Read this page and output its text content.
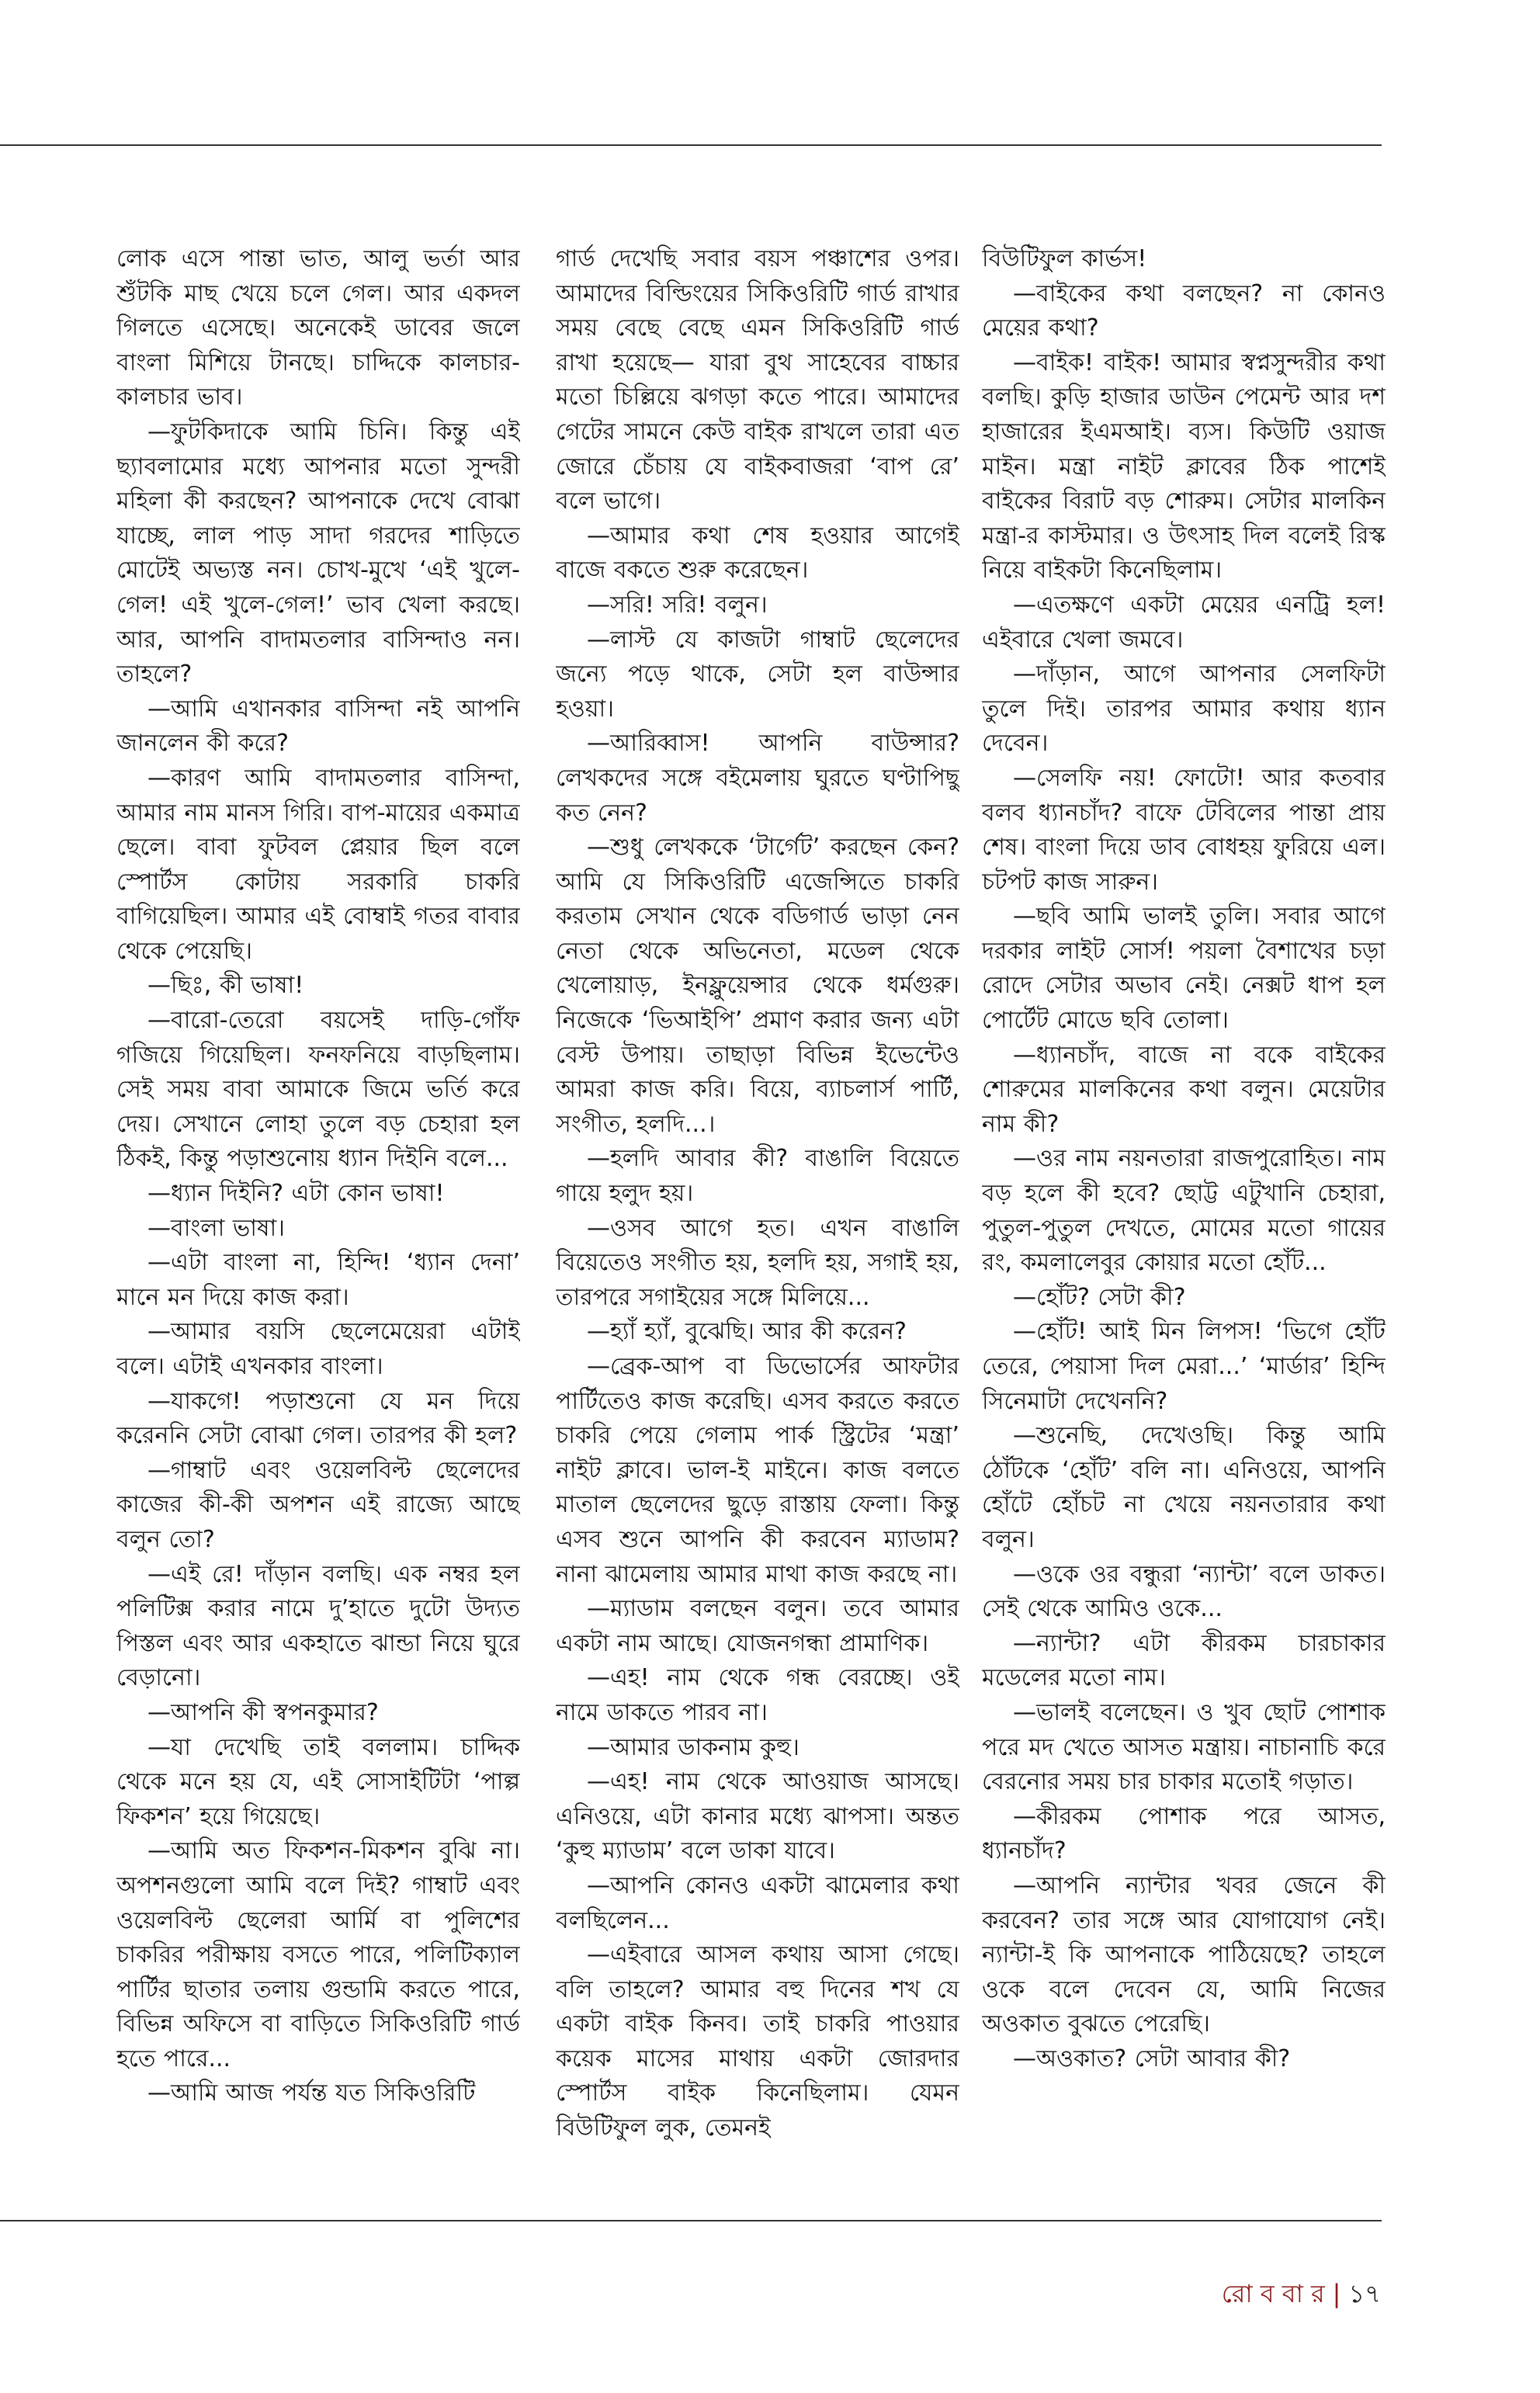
লোক এসে পান্তা ভাত, আলু ভর্তা আর শুঁটকি মাছ খেয়ে চলে গেল। আর একদল গিলতে এসেছে। অনেকেই ডাবের জলে বাংলা মিশিয়ে টানছে। চাদ্দিকে কালচার-কালচার ভাব।

—ফুটকিদাকে আমি চিনি। কিন্তু এই ছ্যাবলামোর মধ্যে আপনার মতো সুন্দরী মহিলা কী করছেন? আপনাকে দেখে বোঝা যাচ্ছে, লাল পাড় সাদা গরদের শাড়িতে মোটেই অভ্যস্ত নন। চোখ-মুখে ‘এই খুলে-গেল! এই খুলে-গেল!’ ভাব খেলা করছে। আর, আপনি বাদামতলার বাসিন্দাও নন। তাহলে?

—আমি এখানকার বাসিন্দা নই আপনি জানলেন কী করে?

—কারণ আমি বাদামতলার বাসিন্দা, আমার নাম মানস গিরি। বাপ-মায়ের একমাত্র ছেলে। বাবা ফুটবল প্লেয়ার ছিল বলে স্পোর্টস কোটায় সরকারি চাকরি বাগিয়েছিল। আমার এই বোম্বাই গতর বাবার থেকে পেয়েছি।

—ছিঃ, কী ভাষা!

—বারো-তেরো বয়সেই দাড়ি-গোঁফ গজিয়ে গিয়েছিল। ফনফনিয়ে বাড়ছিলাম। সেই সময় বাবা আমাকে জিমে ভর্তি করে দেয়। সেখানে লোহা তুলে বড় চেহারা হল ঠিকই, কিন্তু পড়াশুনোয় ধ্যান দিইনি বলে...

—ধ্যান দিইনি? এটা কোন ভাষা!

—বাংলা ভাষা।

—এটা বাংলা না, হিন্দি! ‘ধ্যান দেনা’ মানে মন দিয়ে কাজ করা।

—আমার বয়সি ছেলেমেয়েরা এটাই বলে। এটাই এখনকার বাংলা।

—যাকগে! পড়াশুনো যে মন দিয়ে করেননি সেটা বোঝা গেল। তারপর কী হল?

—গাম্বাট এবং ওয়েলবিল্ট ছেলেদের কাজের কী-কী অপশন এই রাজ্যে আছে বলুন তো?

—এই রে! দাঁড়ান বলছি। এক নম্বর হল পলিটিক্স করার নামে দু’হাতে দুটো উদ্যত পিস্তল এবং আর একহাতে ঝান্ডা নিয়ে ঘুরে বেড়ানো।

—আপনি কী স্বপনকুমার?

—যা দেখেছি তাই বললাম। চাদ্দিক থেকে মনে হয় যে, এই সোসাইটিটা ‘পাল্প ফিকশন’ হয়ে গিয়েছে।

—আমি অত ফিকশন-মিকশন বুঝি না। অপশনগুলো আমি বলে দিই? গাম্বাট এবং ওয়েলবিল্ট ছেলেরা আর্মি বা পুলিশের চাকরির পরীক্ষায় বসতে পারে, পলিটিক্যাল পার্টির ছাতার তলায় গুন্ডামি করতে পারে, বিভিন্ন অফিসে বা বাড়িতে সিকিওরিটি গার্ড হতে পারে...

—আমি আজ পর্যন্ত যত সিকিওরিটি

গার্ড দেখেছি সবার বয়স পঞ্চাশের ওপর। আমাদের বিল্ডিংয়ের সিকিওরিটি গার্ড রাখার সময় বেছে বেছে এমন সিকিওরিটি গার্ড রাখা হয়েছে— যারা বুথ সাহেবের বাচ্চার মতো চিল্লিয়ে ঝগড়া কতে পারে। আমাদের গেটের সামনে কেউ বাইক রাখলে তারা এত জোরে চেঁচায় যে বাইকবাজরা ‘বাপ রে’ বলে ভাগে।

—আমার কথা শেষ হওয়ার আগেই বাজে বকতে শুরু করেছেন।

—সরি! সরি! বলুন।

—লাস্ট যে কাজটা গাম্বাট ছেলেদের জন্যে পড়ে থাকে, সেটা হল বাউন্সার হওয়া।

—আরিব্বাস! আপনি বাউন্সার? লেখকদের সঙ্গে বইমেলায় ঘুরতে ঘণ্টাপিছু কত নেন?

—শুধু লেখককে ‘টার্গেট’ করছেন কেন? আমি যে সিকিওরিটি এজেন্সিতে চাকরি করতাম সেখান থেকে বডিগার্ড ভাড়া নেন নেতা থেকে অভিনেতা, মডেল থেকে খেলোয়াড়, ইনফ্লুয়েন্সার থেকে ধর্মগুরু। নিজেকে ‘ভিআইপি’ প্রমাণ করার জন্য এটা বেস্ট উপায়। তাছাড়া বিভিন্ন ইভেন্টেও আমরা কাজ করি। বিয়ে, ব্যাচলার্স পার্টি, সংগীত, হলদি...।

—হলদি আবার কী? বাঙালি বিয়েতে গায়ে হলুদ হয়।

—ওসব আগে হত। এখন বাঙালি বিয়েতেও সংগীত হয়, হলদি হয়, সগাই হয়, তারপরে সগাইয়ের সঙ্গে মিলিয়ে...

—হ্যাঁ হ্যাঁ, বুঝেছি। আর কী করেন?

—ব্রেক-আপ বা ডিভোর্সের আফটার পার্টিতেও কাজ করেছি। এসব করতে করতে চাকরি পেয়ে গেলাম পার্ক স্ট্রিটের ‘মন্ত্রা’ নাইট ক্লাবে। ভাল-ই মাইনে। কাজ বলতে মাতাল ছেলেদের ছুড়ে রাস্তায় ফেলা। কিন্তু এসব শুনে আপনি কী করবেন ম্যাডাম? নানা ঝামেলায় আমার মাথা কাজ করছে না।

—ম্যাডাম বলছেন বলুন। তবে আমার একটা নাম আছে। যোজনগন্ধা প্রামাণিক।

—এহ! নাম থেকে গন্ধ বেরচ্ছে। ওই নামে ডাকতে পারব না।

—আমার ডাকনাম কুহু।

—এহ! নাম থেকে আওয়াজ আসছে। এনিওয়ে, এটা কানার মধ্যে ঝাপসা। অন্তত ‘কুহু ম্যাডাম’ বলে ডাকা যাবে।

—আপনি কোনও একটা ঝামেলার কথা বলছিলেন...

—এইবারে আসল কথায় আসা গেছে। বলি তাহলে? আমার বহু দিনের শখ যে একটা বাইক কিনব। তাই চাকরি পাওয়ার কয়েক মাসের মাথায় একটা জোরদার স্পোর্টস বাইক কিনেছিলাম। যেমন বিউটিফুল লুক, তেমনই

বিউটিফুল কার্ভস!

—বাইকের কথা বলছেন? না কোনও মেয়ের কথা?

—বাইক! বাইক! আমার স্বপ্নসুন্দরীর কথা বলছি। কুড়ি হাজার ডাউন পেমেন্ট আর দশ হাজারের ইএমআই। ব্যস। কিউটি ওয়াজ মাইন। মন্ত্রা নাইট ক্লাবের ঠিক পাশেই বাইকের বিরাট বড় শোরুম। সেটার মালকিন মন্ত্রা-র কাস্টমার। ও উৎসাহ দিল বলেই রিস্ক নিয়ে বাইকটা কিনেছিলাম।

—এতক্ষণে একটা মেয়ের এনট্রি হল! এইবারে খেলা জমবে।

—দাঁড়ান, আগে আপনার সেলফিটা তুলে দিই। তারপর আমার কথায় ধ্যান দেবেন।

—সেলফি নয়! ফোটো! আর কতবার বলব ধ্যানচাঁদ? বাফে টেবিলের পান্তা প্রায় শেষ। বাংলা দিয়ে ডাব বোধহয় ফুরিয়ে এল। চটপট কাজ সারুন।

—ছবি আমি ভালই তুলি। সবার আগে দরকার লাইট সোর্স! পয়লা বৈশাখের চড়া রোদে সেটার অভাব নেই। নেক্সট ধাপ হল পোর্টেট মোডে ছবি তোলা।

—ধ্যানচাঁদ, বাজে না বকে বাইকের শোরুমের মালকিনের কথা বলুন। মেয়েটার নাম কী?

—ওর নাম নয়নতারা রাজপুরোহিত। নাম বড় হলে কী হবে? ছোট্ট এটুখানি চেহারা, পুতুল-পুতুল দেখতে, মোমের মতো গায়ের রং, কমলালেবুর কোয়ার মতো হোঁট...

—হোঁট? সেটা কী?

—হোঁট! আই মিন লিপস! ‘ভিগে হোঁট তেরে, পেয়াসা দিল মেরা...’ ‘মার্ডার’ হিন্দি সিনেমাটা দেখেননি?

—শুনেছি, দেখেওছি। কিন্তু আমি ঠোঁটকে ‘হোঁট’ বলি না। এনিওয়ে, আপনি হোঁটে হোঁচট না খেয়ে নয়নতারার কথা বলুন।

—ওকে ওর বন্ধুরা ‘ন্যান্টা’ বলে ডাকত। সেই থেকে আমিও ওকে...

—ন্যান্টা? এটা কীরকম চারচাকার মডেলের মতো নাম।

—ভালই বলেছেন। ও খুব ছোট পোশাক পরে মদ খেতে আসত মন্ত্রায়। নাচানাচি করে বেরনোর সময় চার চাকার মতোই গড়াত।

—কীরকম পোশাক পরে আসত, ধ্যানচাঁদ?

—আপনি ন্যান্টার খবর জেনে কী করবেন? তার সঙ্গে আর যোগাযোগ নেই। ন্যান্টা-ই কি আপনাকে পাঠিয়েছে? তাহলে ওকে বলে দেবেন যে, আমি নিজের অওকাত বুঝতে পেরেছি।

—অওকাত? সেটা আবার কী?

রো ব বা র | ১৭
